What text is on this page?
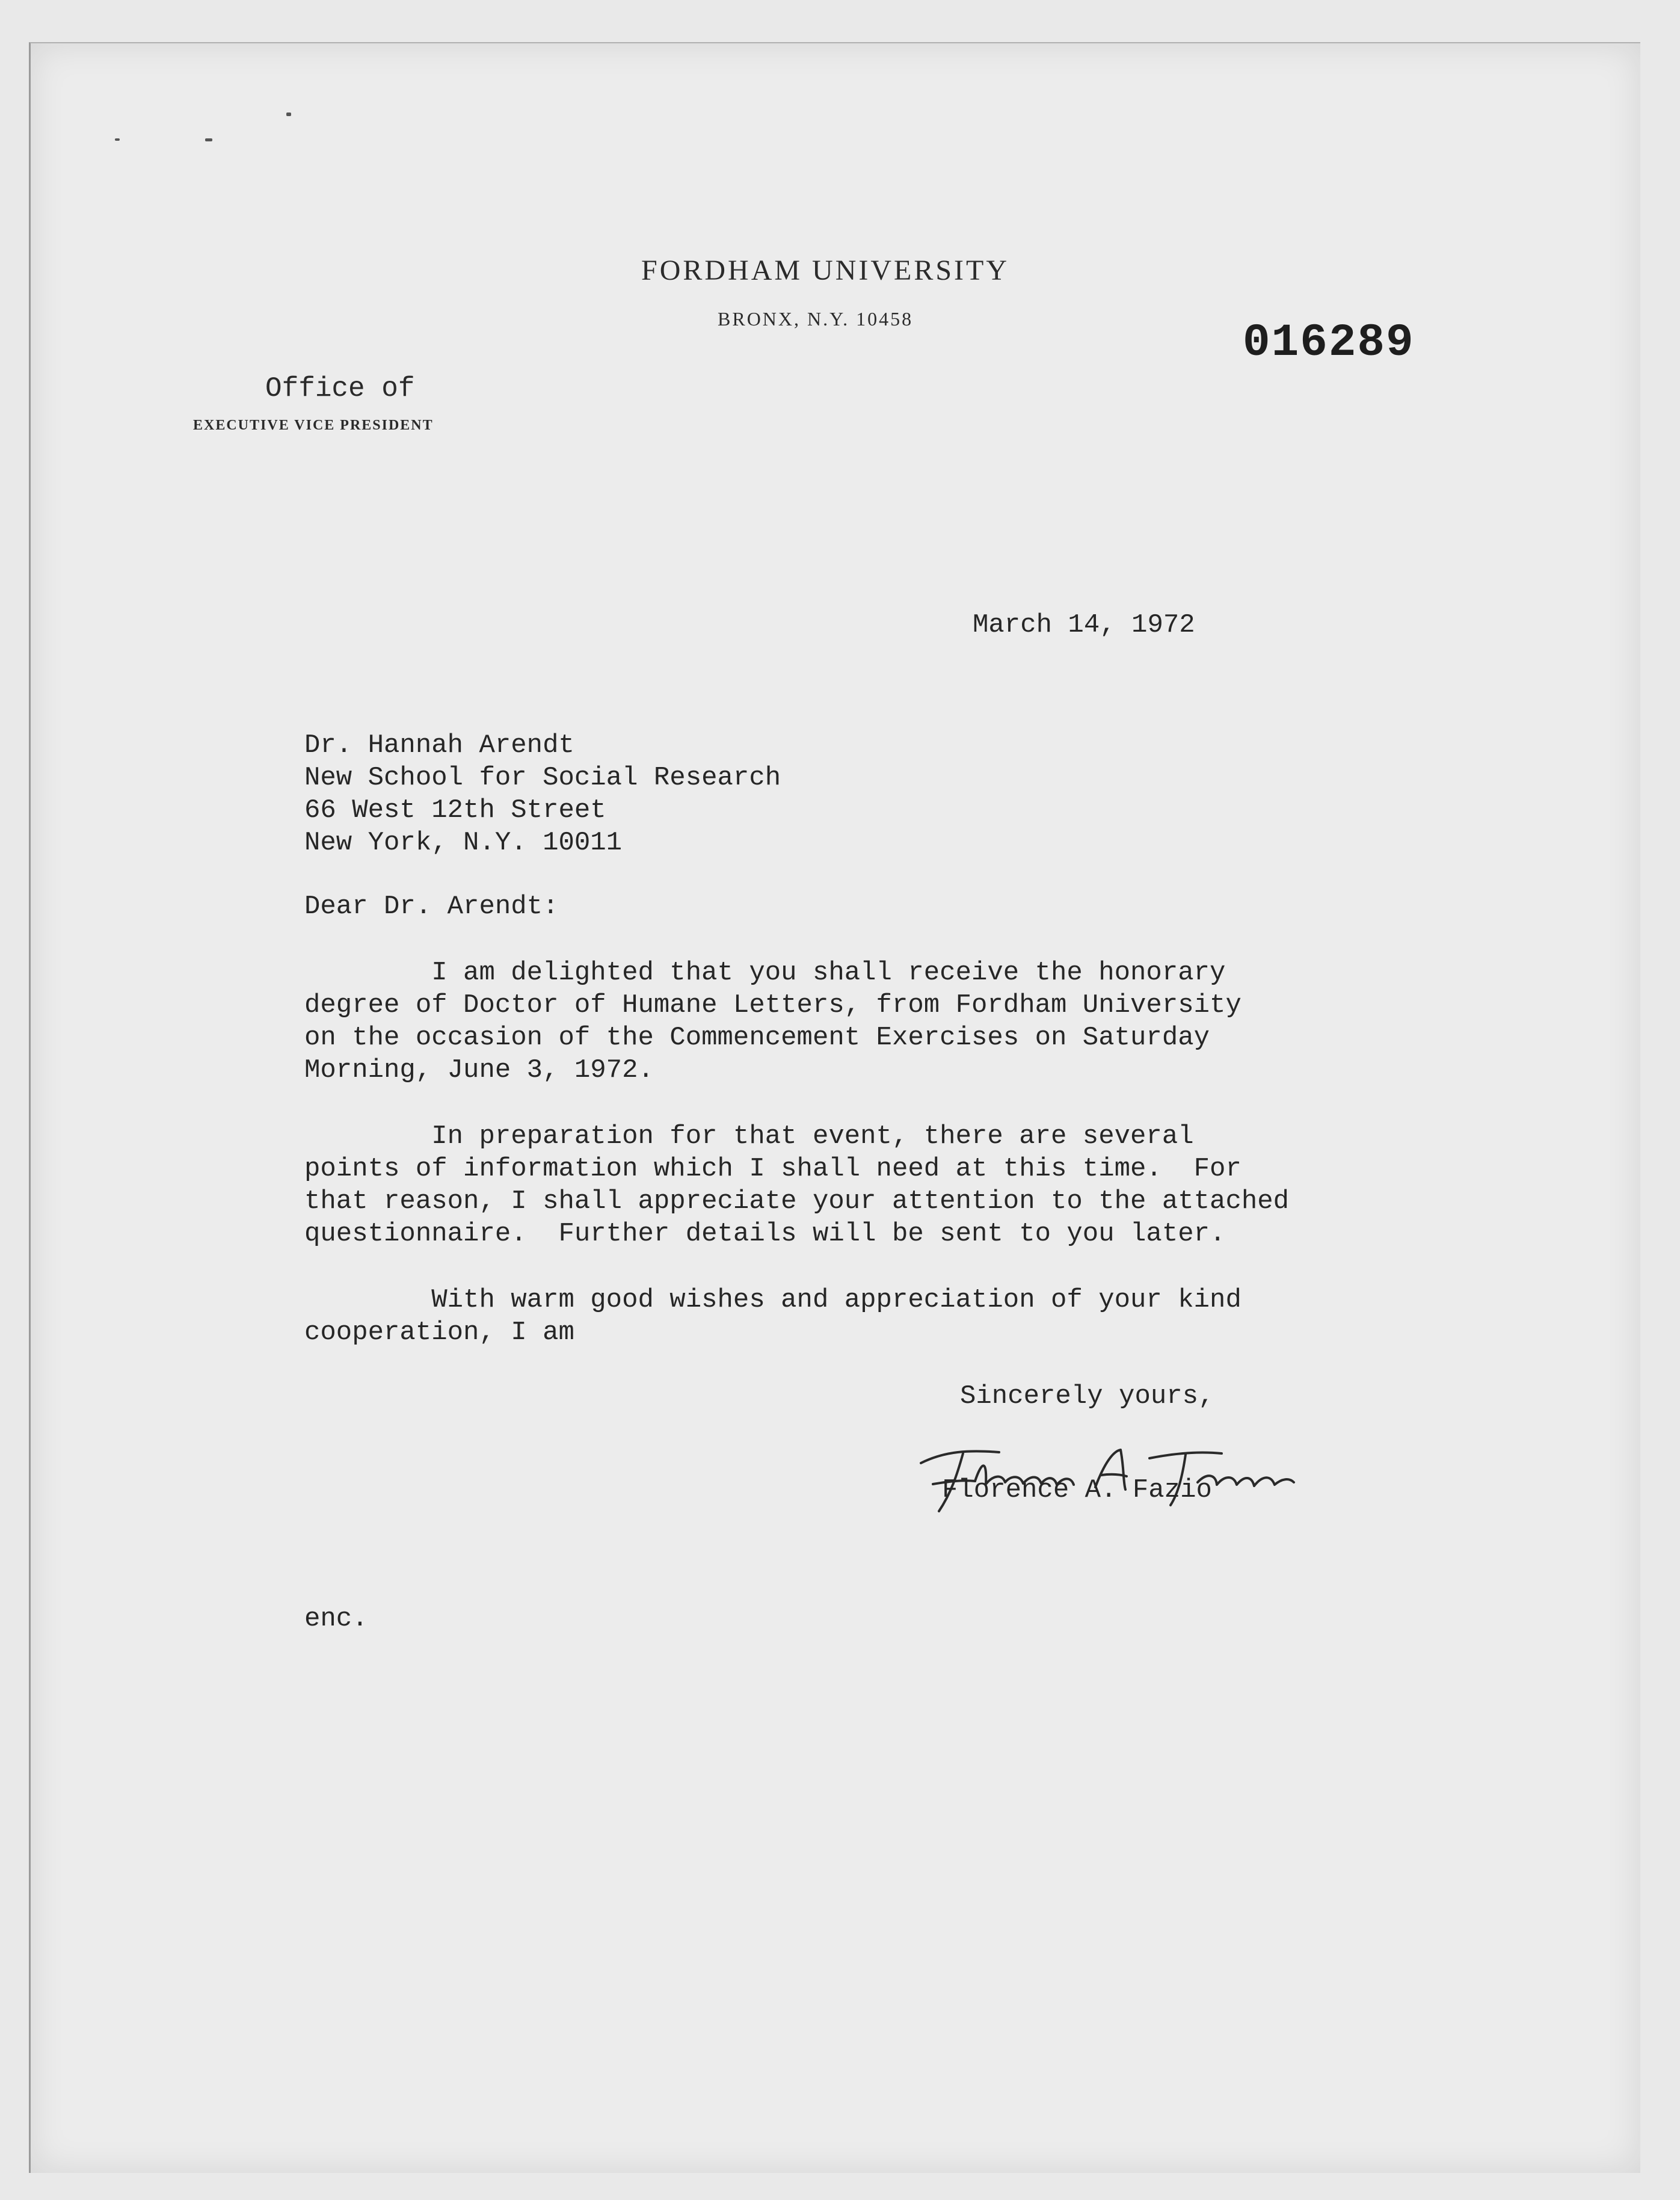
FORDHAM UNIVERSITY
BRONX, N.Y. 10458	016289
Office of
EXECUTIVE VICE PRESIDENT
March 14, 1972
Dr. Hannah Arendt
New School for Social Research
66 West 12th Street
New York, N.Y. 10011
Dear Dr. Arendt:
I am delighted that you shall receive the honorary
degree of Doctor of Humane Letters, from Fordham University
on the occasion of the Commencement Exercises on Saturday
Morning, June 3, 1972.
In preparation for that event, there are several
points of information which I shall need at this time.  For
that reason, I shall appreciate your attention to the attached
questionnaire.  Further details will be sent to you later.
With warm good wishes and appreciation of your kind
cooperation, I am
Sincerely yours,
Florence A. Fazio
enc.
